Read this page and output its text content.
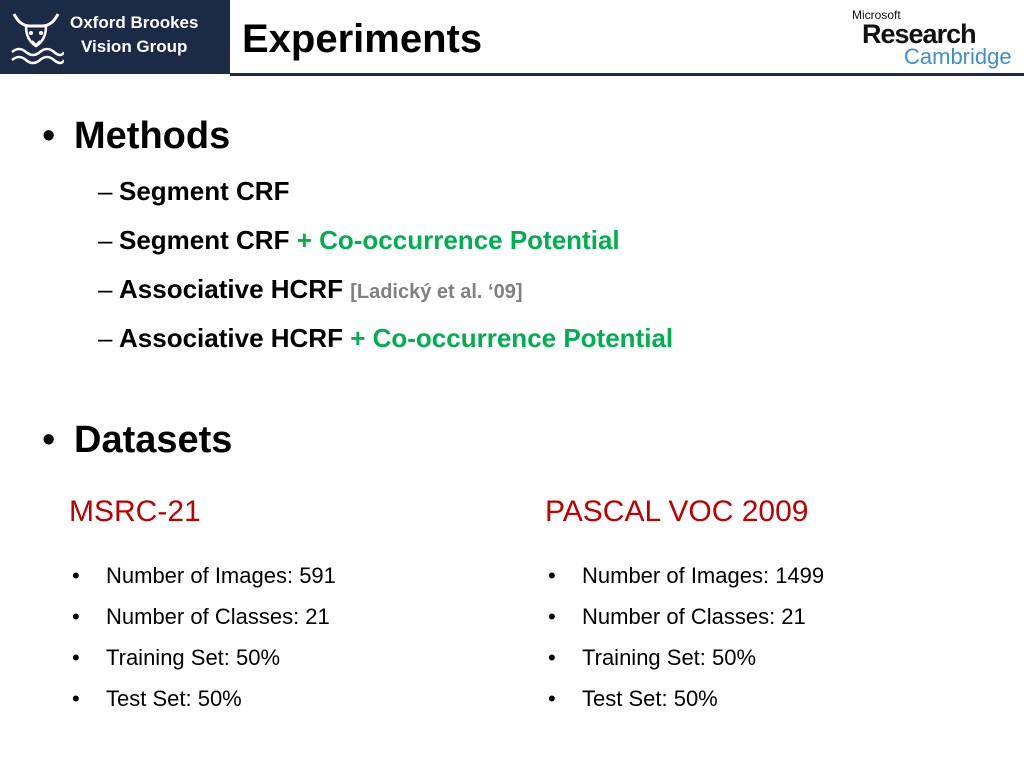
Oxford Brookes
Vision Group	Experiments
Microsoft
Research
Cambridge
• Methods
– Segment CRF
– Segment CRF + Co-occurrence Potential
– Associative HCRF [Ladický et al. ‘09]
– Associative HCRF + Co-occurrence Potential
• Datasets
MSRC-21
• Number of Images: 591
• Number of Classes: 21
• Training Set: 50%
• Test Set: 50%
PASCAL VOC 2009
• Number of Images: 1499
• Number of Classes: 21
• Training Set: 50%
• Test Set: 50%
